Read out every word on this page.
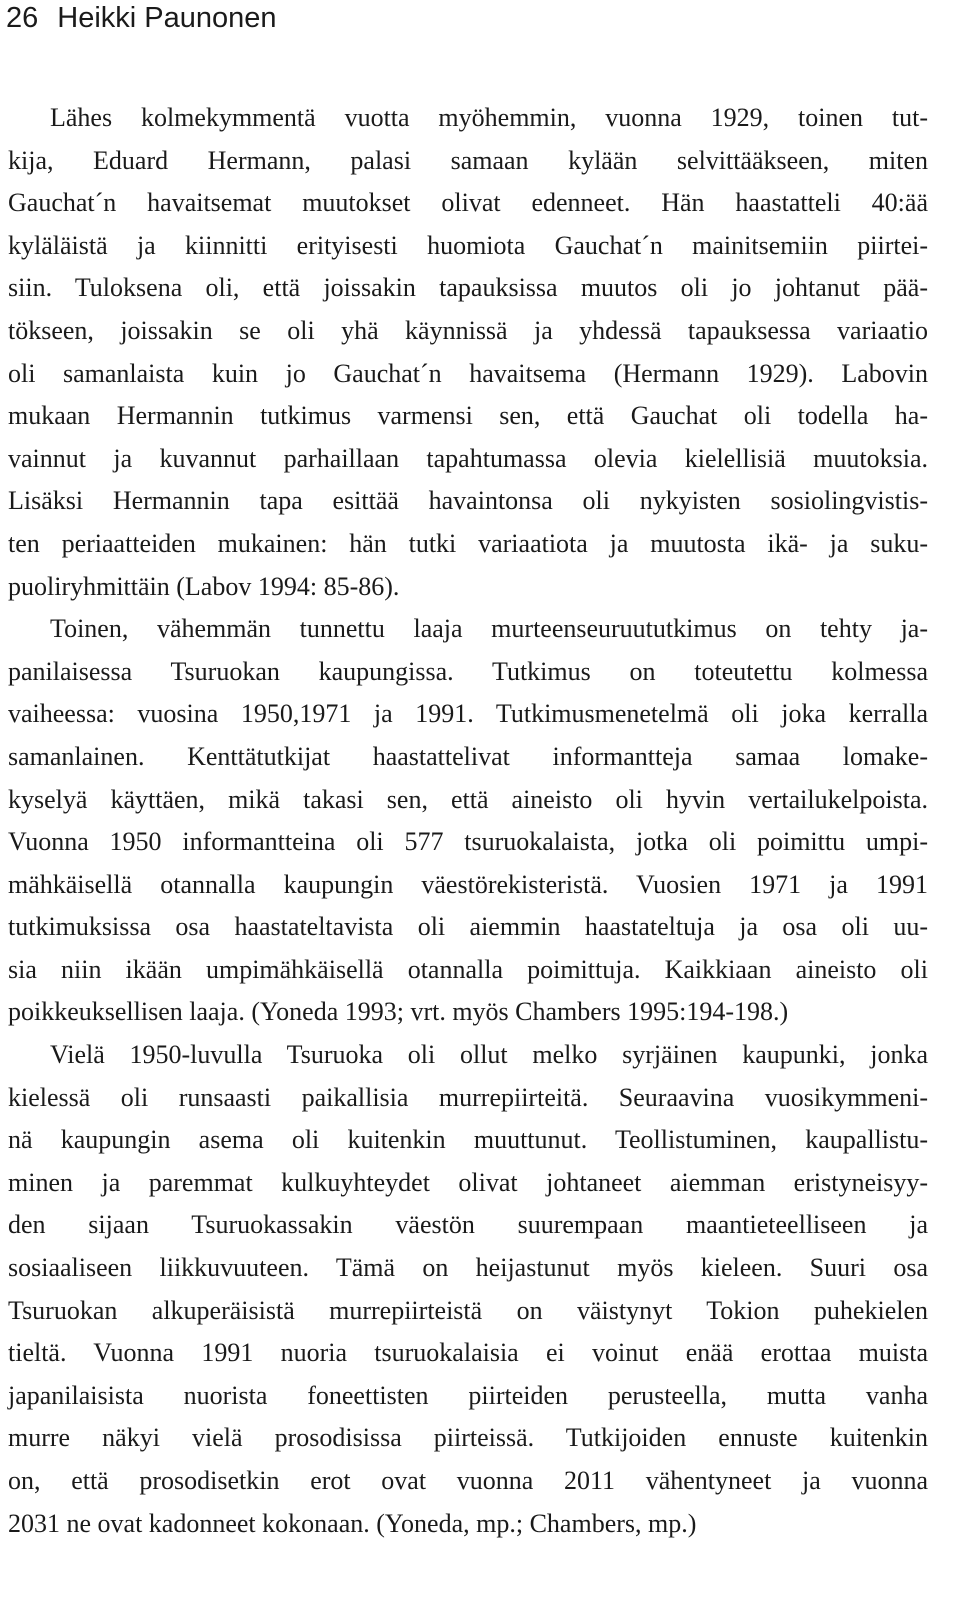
26 Heikki Paunonen
Lähes kolmekymmentä vuotta myöhemmin, vuonna 1929, toinen tut-
kija, Eduard Hermann, palasi samaan kylään selvittääkseen, miten
Gauchat´n havaitsemat muutokset olivat edenneet. Hän haastatteli 40:ää
kyläläistä ja kiinnitti erityisesti huomiota Gauchat´n mainitsemiin piirtei-
siin. Tuloksena oli, että joissakin tapauksissa muutos oli jo johtanut pää-
tökseen, joissakin se oli yhä käynnissä ja yhdessä tapauksessa variaatio
oli samanlaista kuin jo Gauchat´n havaitsema (Hermann 1929). Labovin
mukaan Hermannin tutkimus varmensi sen, että Gauchat oli todella ha-
vainnut ja kuvannut parhaillaan tapahtumassa olevia kielellisiä muutoksia.
Lisäksi Hermannin tapa esittää havaintonsa oli nykyisten sosiolingvistis-
ten periaatteiden mukainen: hän tutki variaatiota ja muutosta ikä- ja suku-
puoliryhmittäin (Labov 1994: 85-86).
Toinen, vähemmän tunnettu laaja murteenseuruututkimus on tehty ja-
panilaisessa Tsuruokan kaupungissa. Tutkimus on toteutettu kolmessa
vaiheessa: vuosina 1950,1971 ja 1991. Tutkimusmenetelmä oli joka kerralla
samanlainen. Kenttätutkijat haastattelivat informantteja samaa lomake-
kyselyä käyttäen, mikä takasi sen, että aineisto oli hyvin vertailukelpoista.
Vuonna 1950 informantteina oli 577 tsuruokalaista, jotka oli poimittu umpi-
mähkäisellä otannalla kaupungin väestörekisteristä. Vuosien 1971 ja 1991
tutkimuksissa osa haastateltavista oli aiemmin haastateltuja ja osa oli uu-
sia niin ikään umpimähkäisellä otannalla poimittuja. Kaikkiaan aineisto oli
poikkeuksellisen laaja. (Yoneda 1993; vrt. myös Chambers 1995:194-198.)
Vielä 1950-luvulla Tsuruoka oli ollut melko syrjäinen kaupunki, jonka
kielessä oli runsaasti paikallisia murrepiirteitä. Seuraavina vuosikymmeni-
nä kaupungin asema oli kuitenkin muuttunut. Teollistuminen, kaupallistu-
minen ja paremmat kulkuyhteydet olivat johtaneet aiemman eristyneisyy-
den sijaan Tsuruokassakin väestön suurempaan maantieteelliseen ja
sosiaaliseen liikkuvuuteen. Tämä on heijastunut myös kieleen. Suuri osa
Tsuruokan alkuperäisistä murrepiirteistä on väistynyt Tokion puhekielen
tieltä. Vuonna 1991 nuoria tsuruokalaisia ei voinut enää erottaa muista
japanilaisista nuorista foneettisten piirteiden perusteella, mutta vanha
murre näkyi vielä prosodisissa piirteissä. Tutkijoiden ennuste kuitenkin
on, että prosodisetkin erot ovat vuonna 2011 vähentyneet ja vuonna
2031 ne ovat kadonneet kokonaan. (Yoneda, mp.; Chambers, mp.)
